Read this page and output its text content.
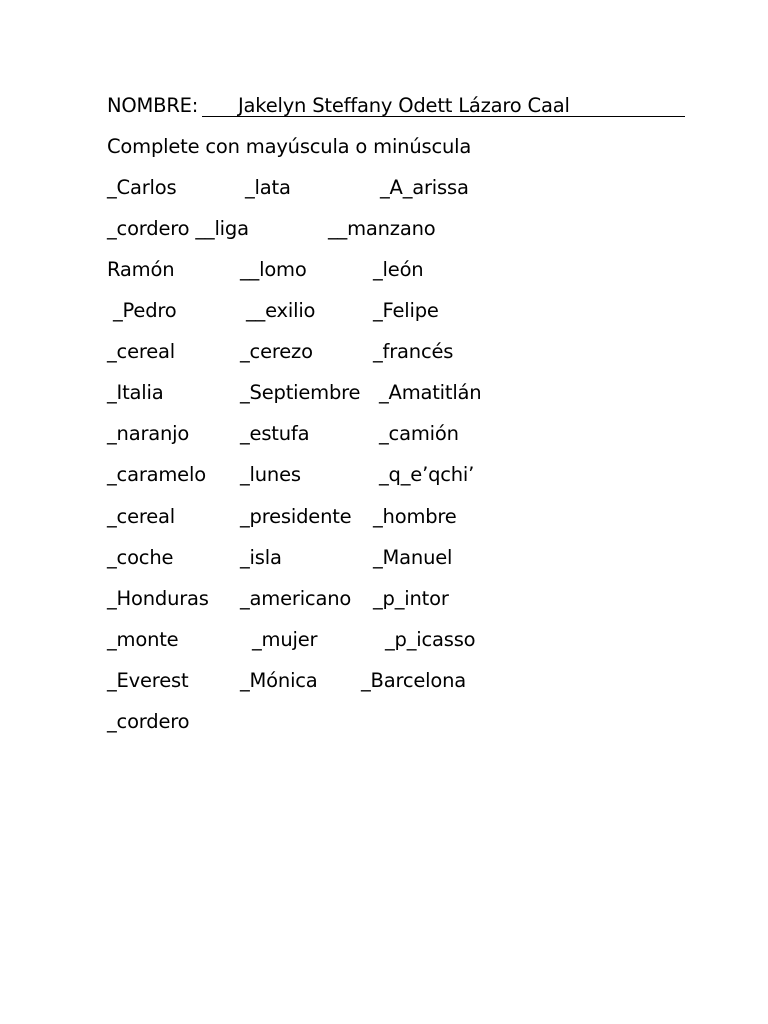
NOMBRE:

Jakelyn Steffany Odett Lázaro Caal

Complete con mayúscula o minúscula
_Carlos	_lata	_A_arissa
_cordero __liga	__manzano
Ramón	__lomo	_león
_Pedro	__exilio	_Felipe
_cereal	_cerezo	_francés
_Italia	_Septiembre _Amatitlán
_naranjo	_estufa	_camión
_caramelo _lunes	_q_e’qchi’
_cereal	_presidente _hombre
_coche	_isla	_Manuel
_Honduras _americano _p_intor
_monte	_mujer	_p_icasso
_Everest	_Mónica _Barcelona
_cordero
